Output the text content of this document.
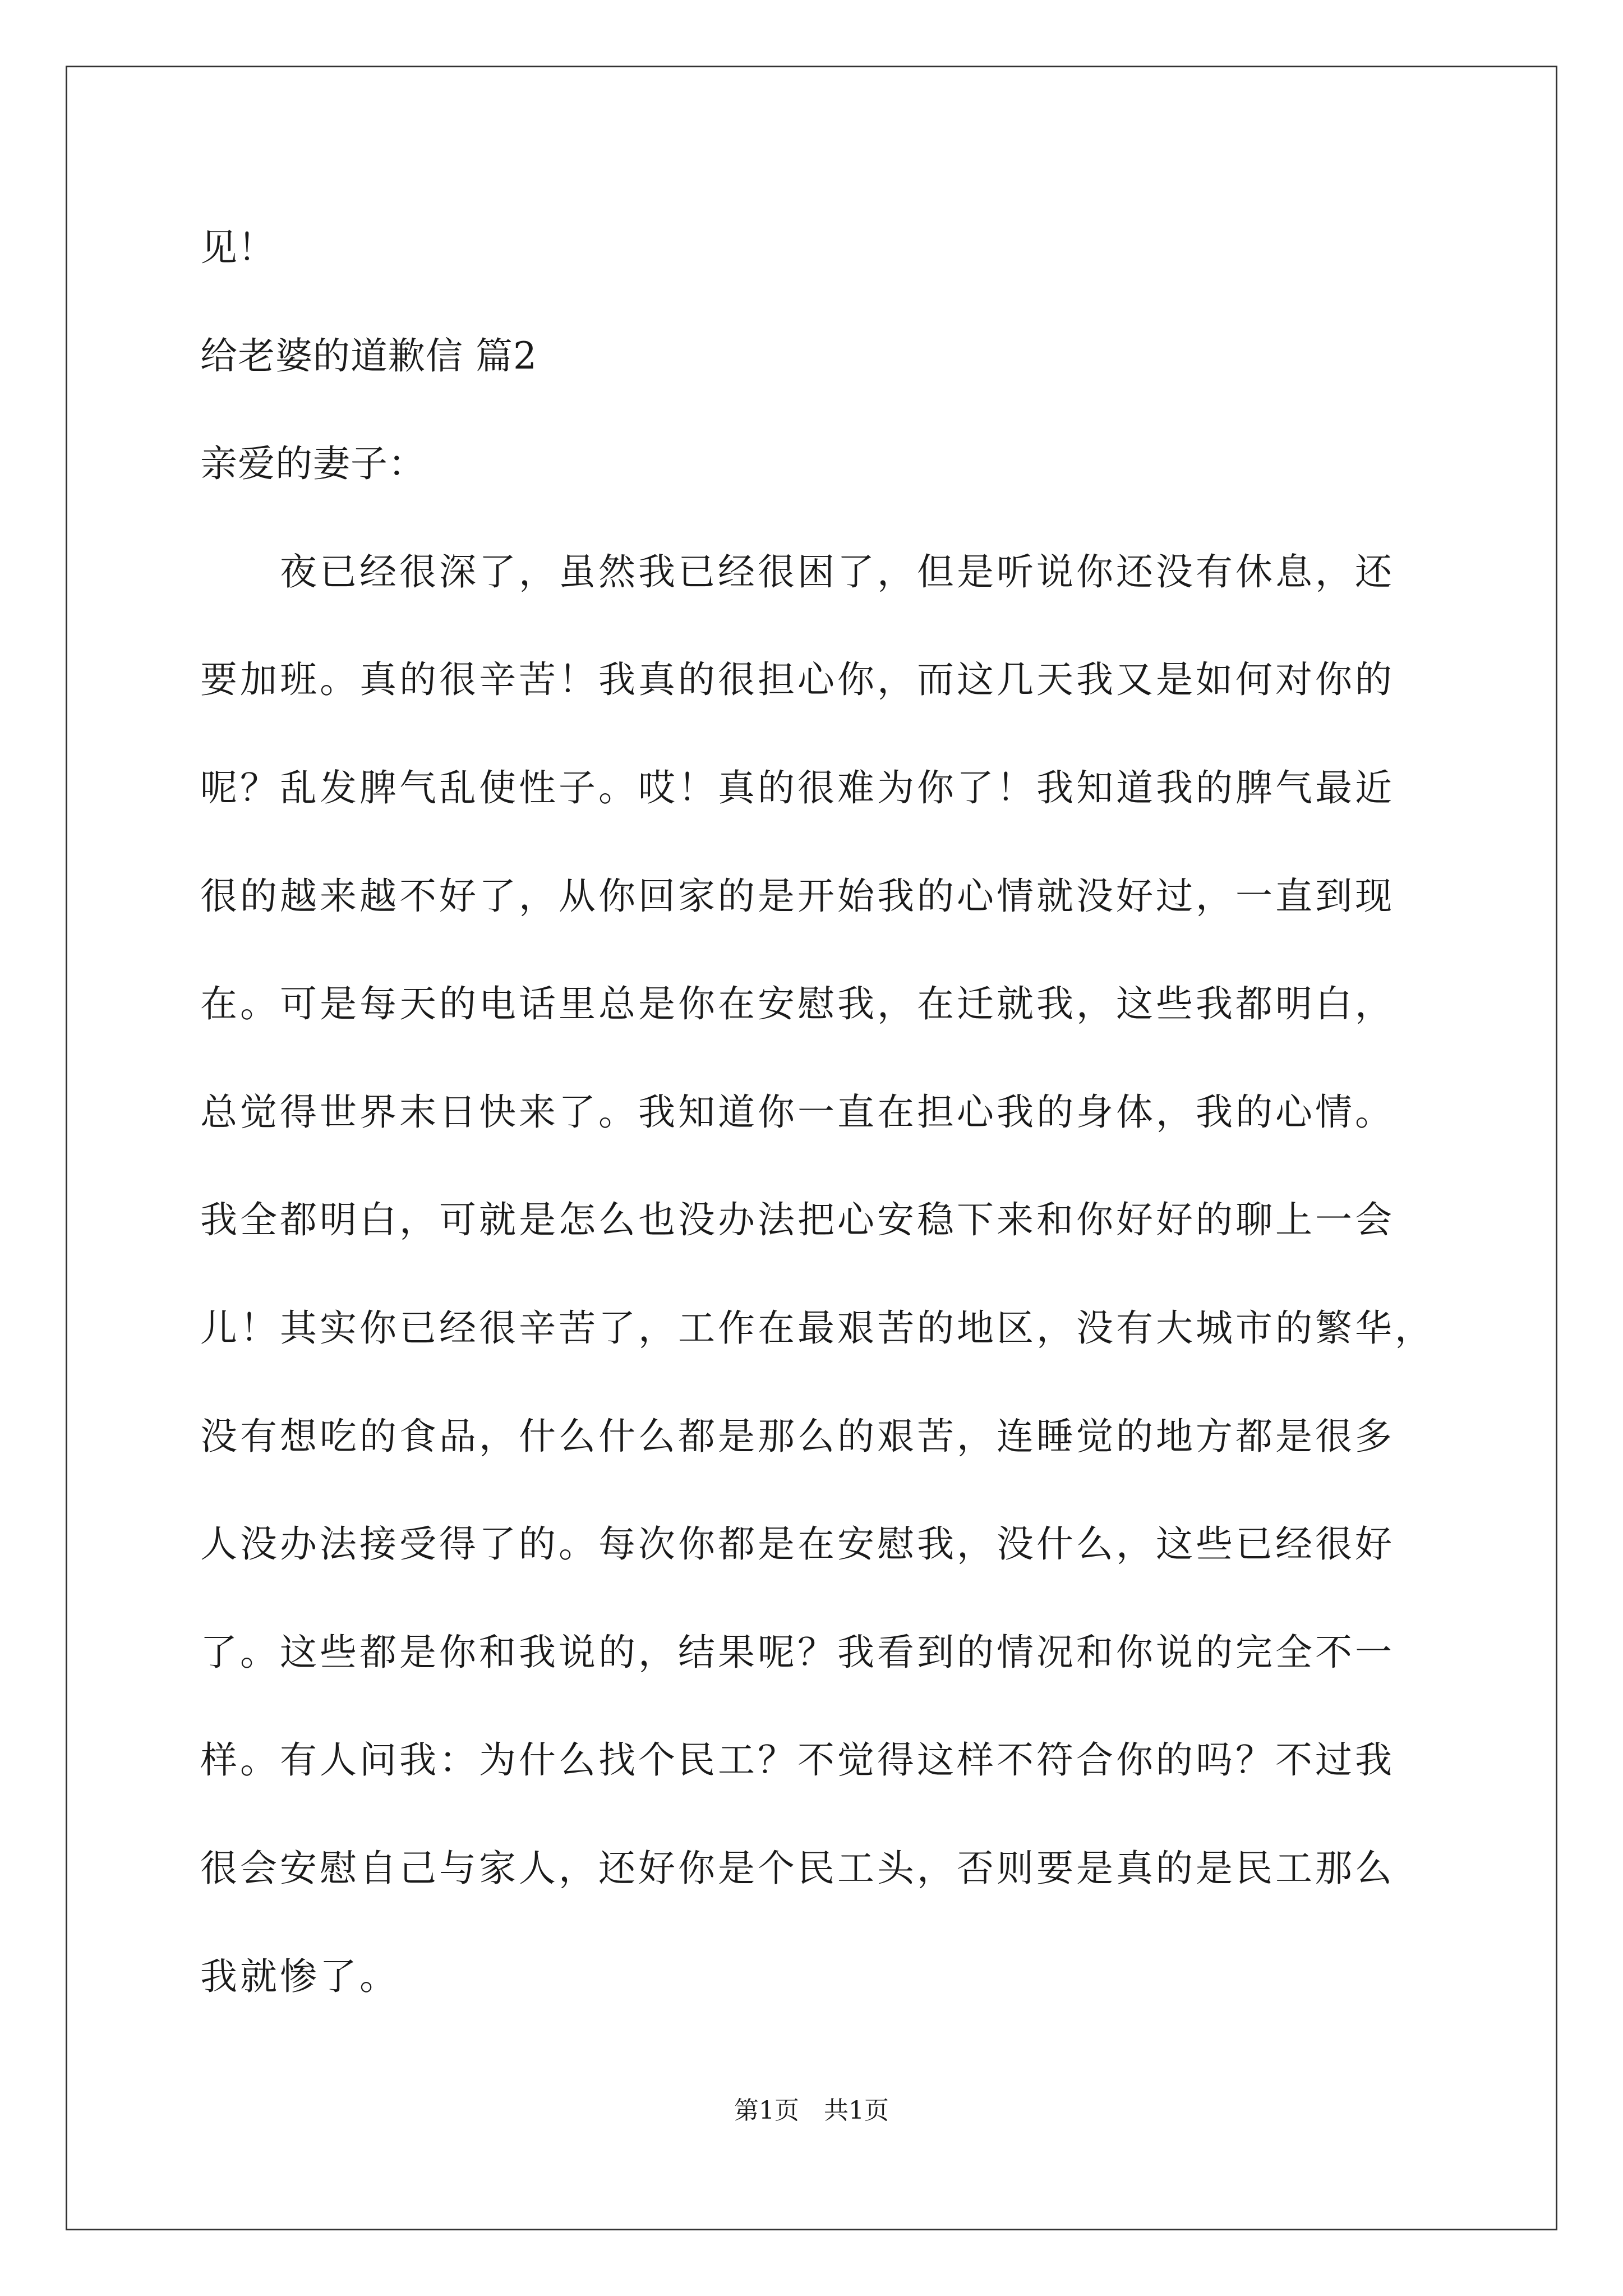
见！
给老婆的道歉信 篇2
亲爱的妻子：
　　夜已经很深了，虽然我已经很困了，但是听说你还没有休息，还
要加班。真的很辛苦！我真的很担心你，而这几天我又是如何对你的
呢？乱发脾气乱使性子。哎！真的很难为你了！我知道我的脾气最近
很的越来越不好了，从你回家的是开始我的心情就没好过，一直到现
在。可是每天的电话里总是你在安慰我，在迁就我，这些我都明白，
总觉得世界末日快来了。我知道你一直在担心我的身体，我的心情。
我全都明白，可就是怎么也没办法把心安稳下来和你好好的聊上一会
儿！其实你已经很辛苦了，工作在最艰苦的地区，没有大城市的繁华，
没有想吃的食品，什么什么都是那么的艰苦，连睡觉的地方都是很多
人没办法接受得了的。每次你都是在安慰我，没什么，这些已经很好
了。这些都是你和我说的，结果呢？我看到的情况和你说的完全不一
样。有人问我：为什么找个民工？不觉得这样不符合你的吗？不过我
很会安慰自己与家人，还好你是个民工头，否则要是真的是民工那么
我就惨了。
第1页　共1页
